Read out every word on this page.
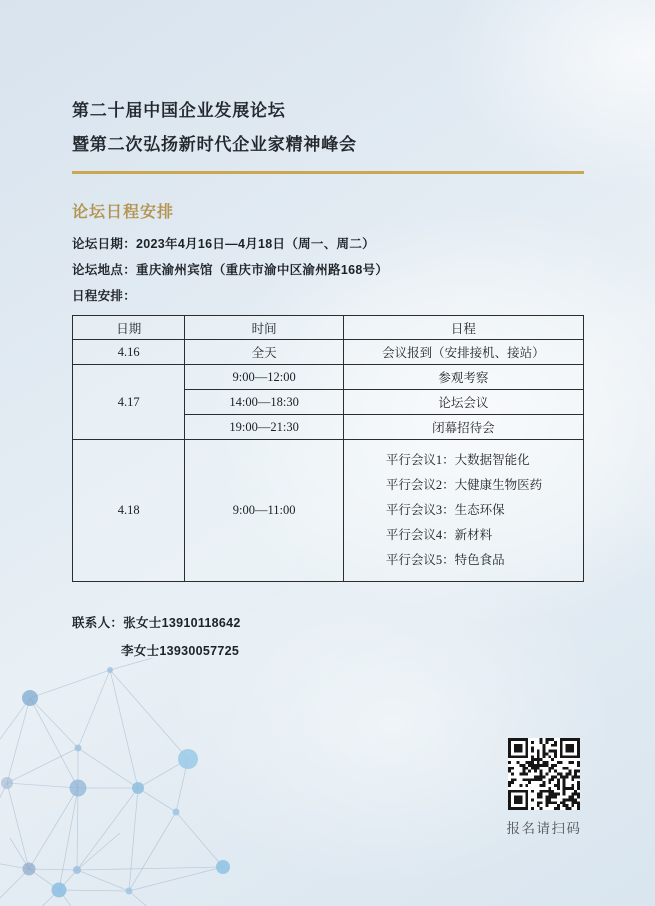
第二十届中国企业发展论坛

暨第二次弘扬新时代企业家精神峰会

论坛日程安排

论坛日期：2023年4月16日—4月18日（周一、周二）

论坛地点：重庆渝州宾馆（重庆市渝中区渝州路168号）

日程安排：

日期	时间	日程
4.16	全天	会议报到（安排接机、接站）
4.17	9:00—12:00	参观考察
	14:00—18:30	论坛会议
	19:00—21:30	闭幕招待会
4.18	9:00—11:00	平行会议1：大数据智能化

平行会议2：大健康生物医药

平行会议3：生态环保

平行会议4：新材料

平行会议5：特色食品

联系人：张女士13910118642

李女士13930057725

报名请扫码
